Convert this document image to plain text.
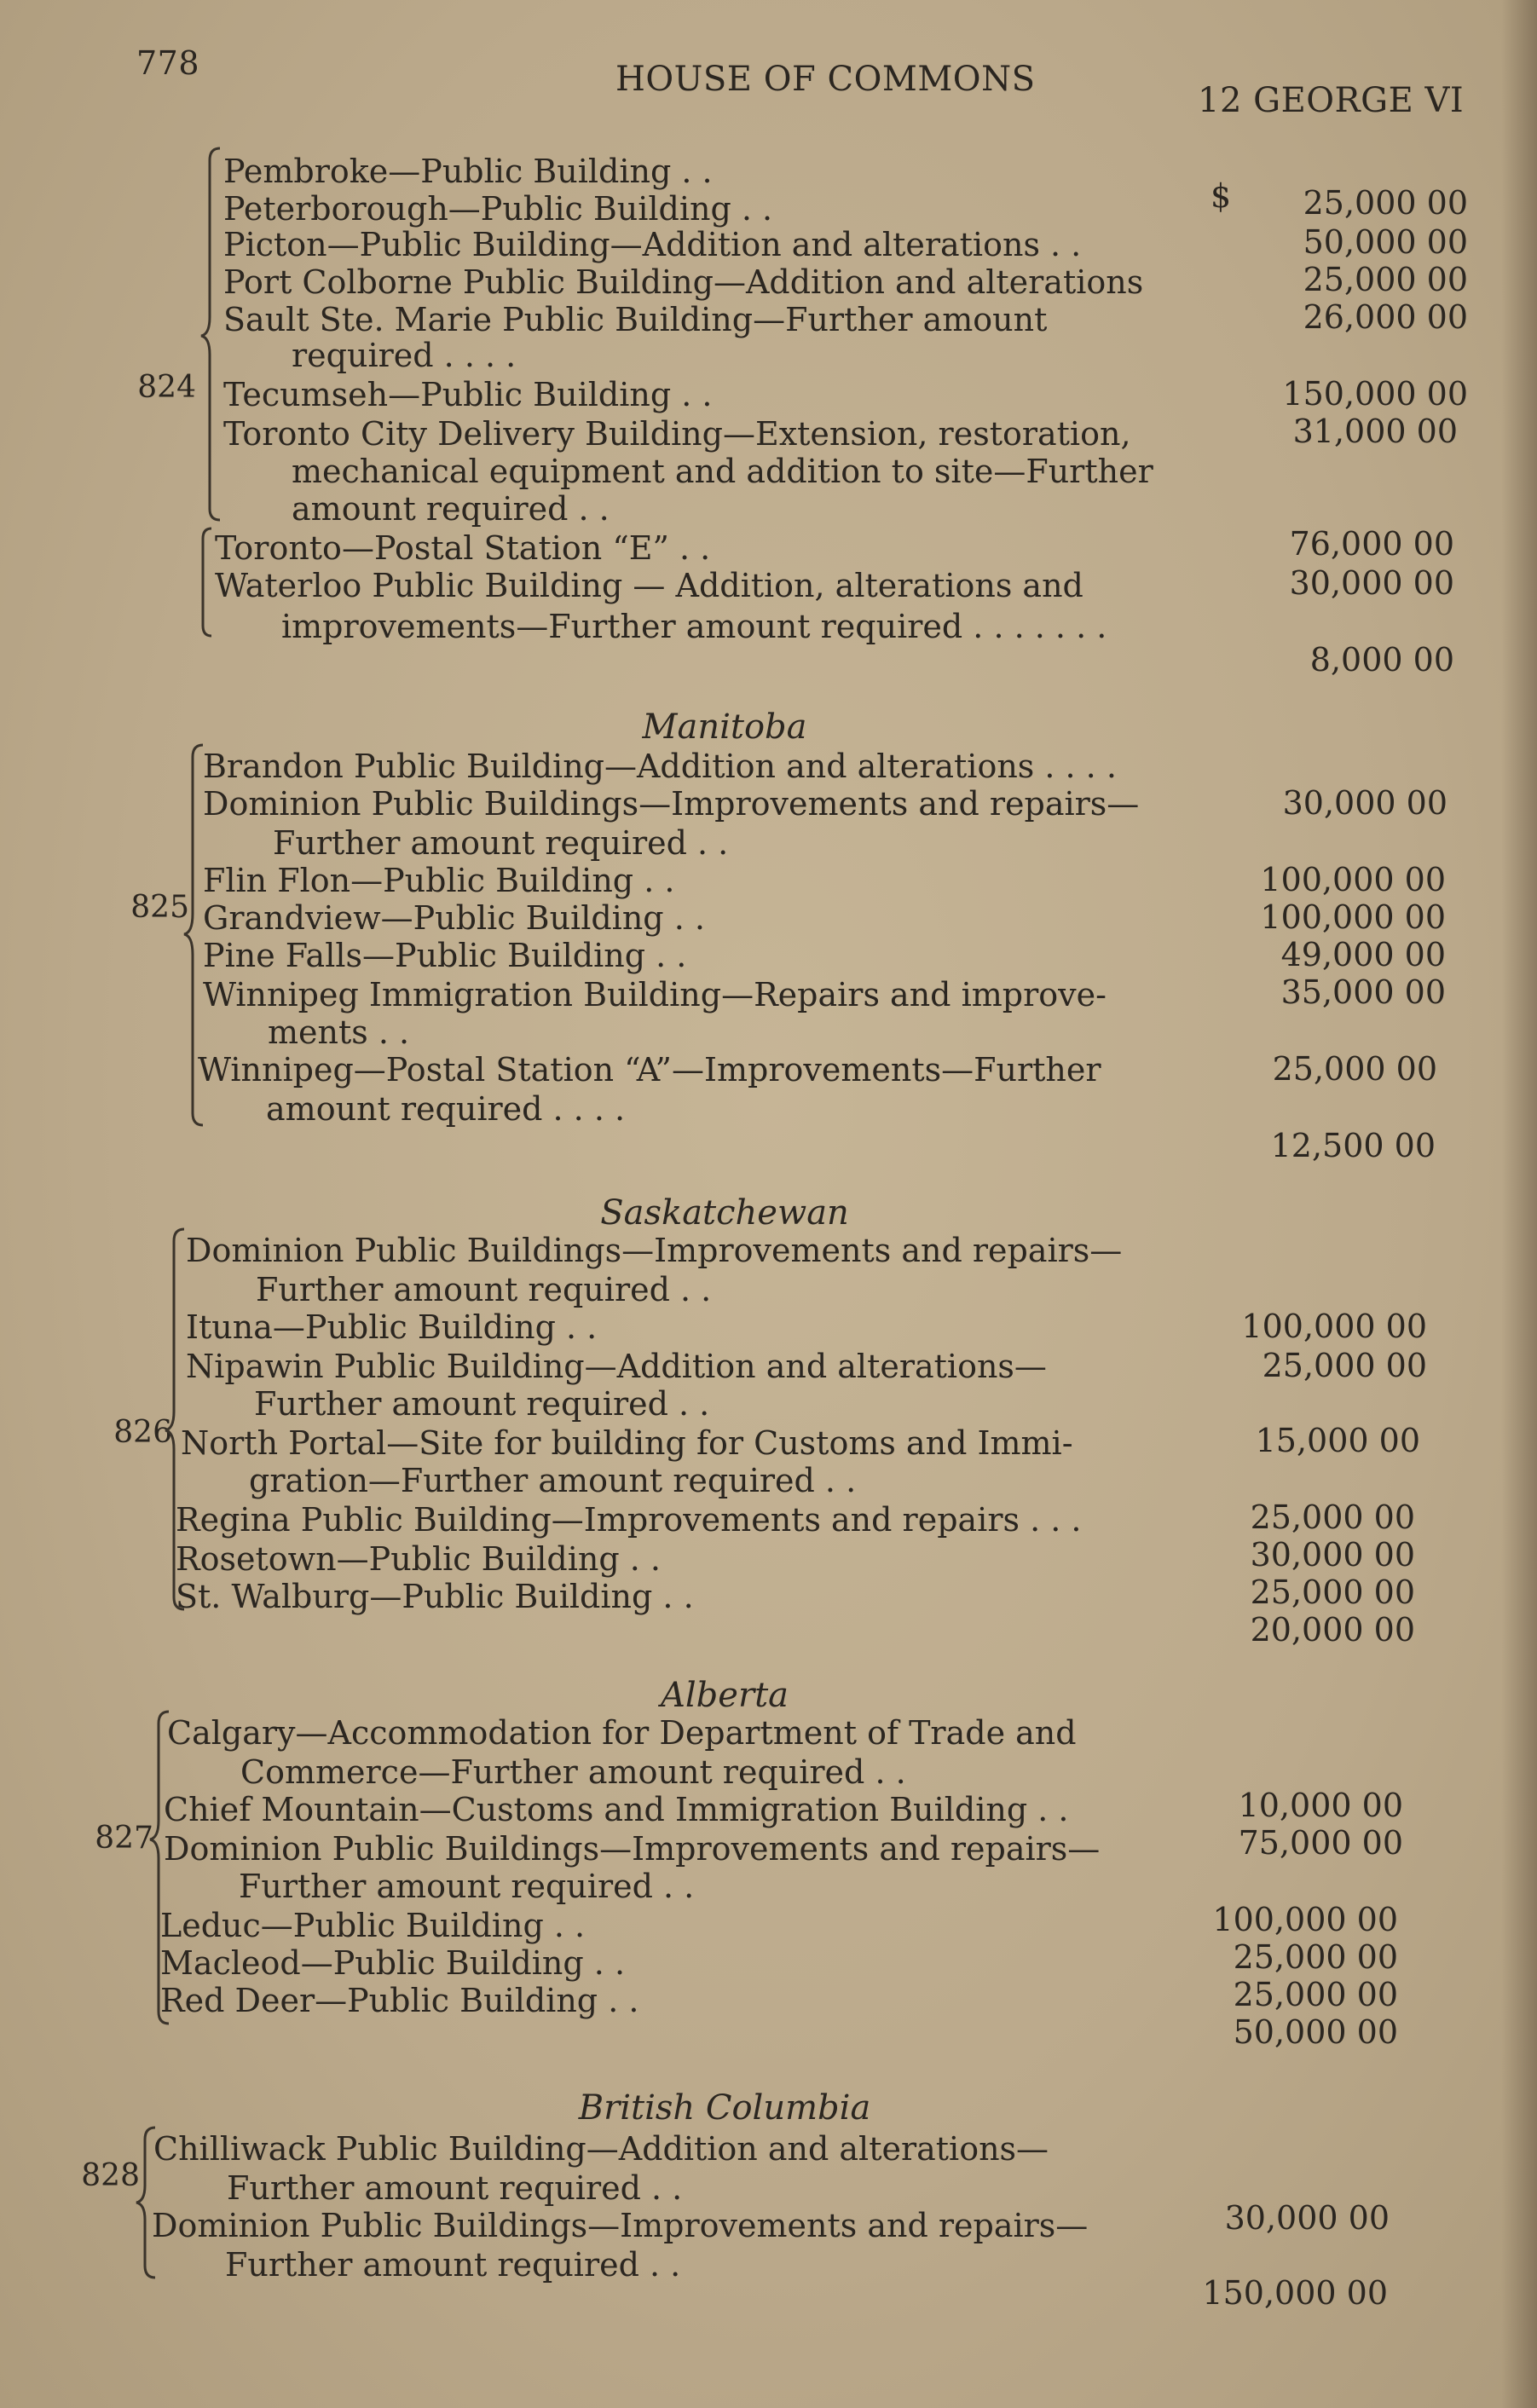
778	HOUSE OF COMMONS
12 GEORGE VI
824
Pembroke—Public Building . .
Peterborough—Public Building . .
Picton—Public Building—Addition and alterations . .
Port Colborne Public Building—Addition and alterations
Sault Ste. Marie Public Building—Further amount
required . . . .
Tecumseh—Public Building . .
Toronto City Delivery Building—Extension, restoration,
mechanical equipment and addition to site—Further
amount required . .
Toronto—Postal Station “E” . .
Waterloo Public Building — Addition, alterations and
improvements—Further amount required . . . . . . .
$	25,000 00
50,000 00
25,000 00
26,000 00
150,000 00
31,000 00
76,000 00
30,000 00
8,000 00
Manitoba
825
Brandon Public Building—Addition and alterations . . . .
Dominion Public Buildings—Improvements and repairs—
Further amount required . .
Flin Flon—Public Building . .
Grandview—Public Building . .
Pine Falls—Public Building . .
Winnipeg Immigration Building—Repairs and improve-
ments . .
Winnipeg—Postal Station “A”—Improvements—Further
amount required . . . .
30,000 00
100,000 00
100,000 00
49,000 00
35,000 00
25,000 00
12,500 00
Saskatchewan
826
Dominion Public Buildings—Improvements and repairs—
Further amount required . .
Ituna—Public Building . .
Nipawin Public Building—Addition and alterations—
Further amount required . .
North Portal—Site for building for Customs and Immi-
gration—Further amount required . .
Regina Public Building—Improvements and repairs . . .
Rosetown—Public Building . .
St. Walburg—Public Building . .
100,000 00
25,000 00
15,000 00
25,000 00
30,000 00
25,000 00
20,000 00
Alberta
827
Calgary—Accommodation for Department of Trade and
Commerce—Further amount required . .
Chief Mountain—Customs and Immigration Building . .
Dominion Public Buildings—Improvements and repairs—
Further amount required . .
Leduc—Public Building . .
Macleod—Public Building . .
Red Deer—Public Building . .
10,000 00
75,000 00
100,000 00
25,000 00
25,000 00
50,000 00
British Columbia
828
Chilliwack Public Building—Addition and alterations—
Further amount required . .
Dominion Public Buildings—Improvements and repairs—
Further amount required . .
30,000 00
150,000 00
